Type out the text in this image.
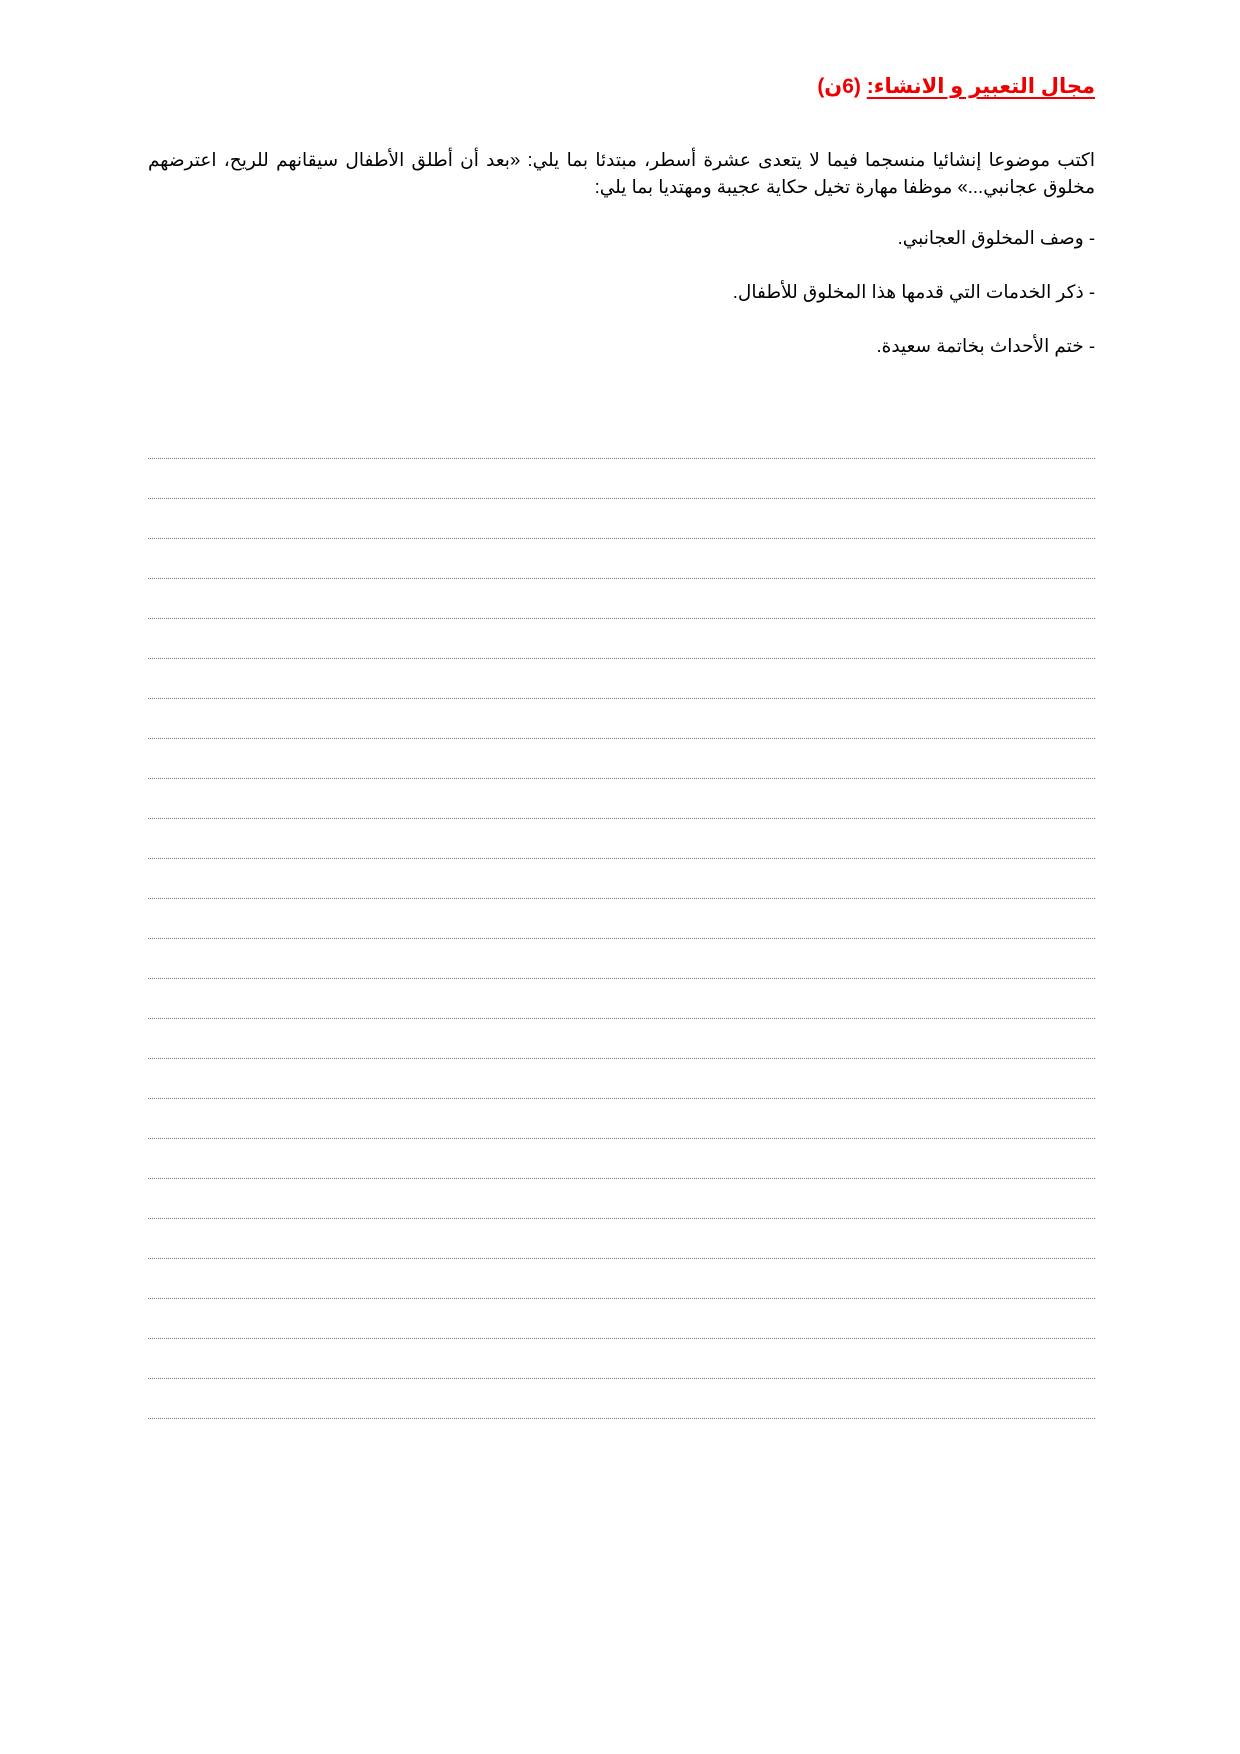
مجال التعبير و الانشاء: (6ن)

اكتب موضوعا إنشائيا منسجما فيما لا يتعدى عشرة أسطر، مبتدئا بما يلي: «بعد أن أطلق الأطفال سيقانهم للريح، اعترضهم مخلوق عجانبي...» موظفا مهارة تخيل حكاية عجيبة ومهتديا بما يلي:

- وصف المخلوق العجانبي.

- ذكر الخدمات التي قدمها هذا المخلوق للأطفال.

- ختم الأحداث بخاتمة سعيدة.
